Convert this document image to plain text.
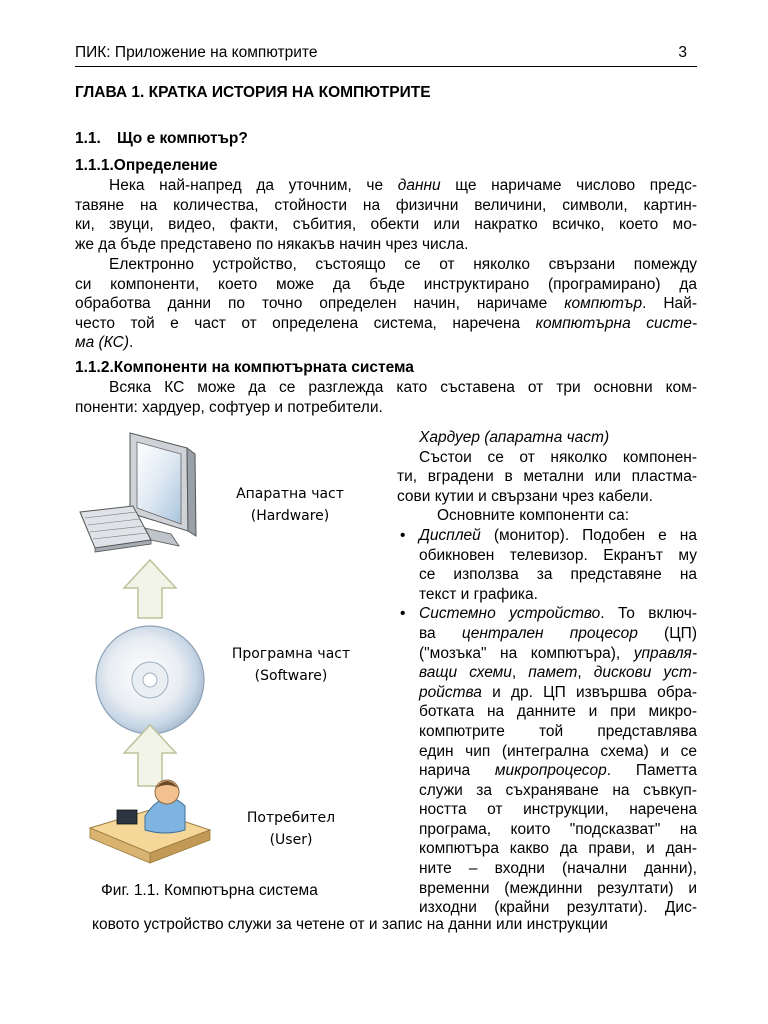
ПИК: Приложение на компютрите	3
ГЛАВА 1. КРАТКА ИСТОРИЯ НА КОМПЮТРИТЕ
1.1. Що е компютър?
1.1.1.Определение
Нека най-напред да уточним, че данни ще наричаме числово предс-
тавяне на количества, стойности на физични величини, символи, картин-
ки, звуци, видео, факти, събития, обекти или накратко всичко, което мо-
же да бъде представено по някакъв начин чрез числа.
Електронно устройство, състоящо се от няколко свързани помежду
си компоненти, което може да бъде инструктирано (програмирано) да
обработва данни по точно определен начин, наричаме компютър. Най-
често той е част от определена система, наречена компютърна систе-
ма (КС).
1.1.2.Компоненти на компютърната система
Всяка КС може да се разглежда като съставена от три основни ком-
поненти: хардуер, софтуер и потребители.
Апаратна част
(Hardware)
Програмна част
(Software)
Потребител
(User)
Фиг. 1.1. Компютърна система
Хардуер (апаратна част)
Състои се от няколко компонен-
ти, вградени в метални или пластма-
сови кутии и свързани чрез кабели.
Основните компоненти са:
• Дисплей (монитор). Подобен е на
обикновен телевизор. Екранът му
се използва за представяне на
текст и графика.
• Системно устройство. То включ-
ва централен процесор (ЦП)
("мозъка" на компютъра), управля-
ващи схеми, памет, дискови уст-
ройства и др. ЦП извършва обра-
ботката на данните и при микро-
компютрите той представлява
един чип (интегрална схема) и се
нарича микропроцесор. Паметта
служи за съхраняване на съвкуп-
ността от инструкции, наречена
програма, които "подсказват" на
компютъра какво да прави, и дан-
ните – входни (начални данни),
временни (междинни резултати) и
изходни (крайни резултати). Дис-
ковото устройство служи за четене от и запис на данни или инструкции
